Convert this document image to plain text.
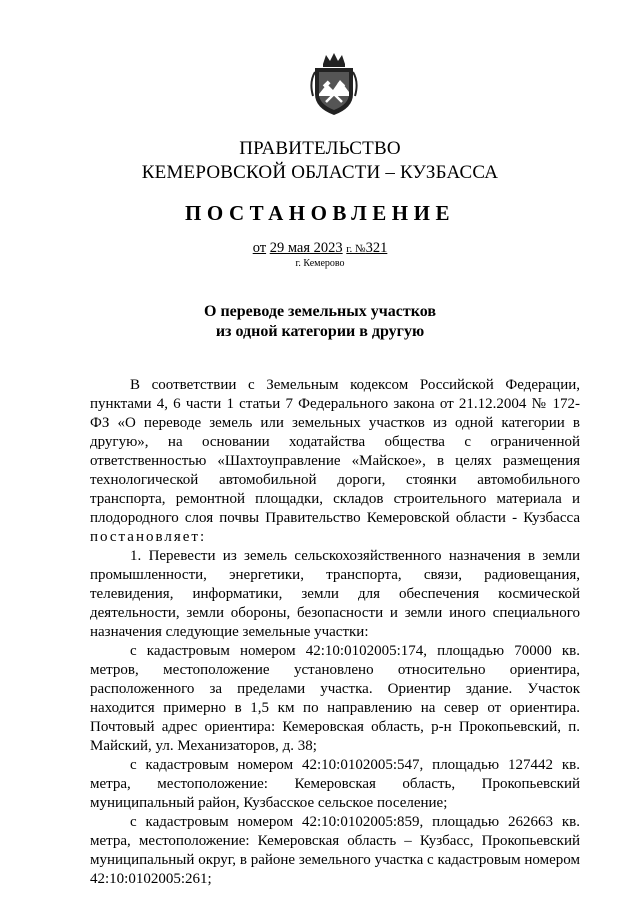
ПРАВИТЕЛЬСТВО
КЕМЕРОВСКОЙ ОБЛАСТИ – КУЗБАССА
ПОСТАНОВЛЕНИЕ
от 29 мая 2023 г. №321
г. Кемерово
О переводе земельных участков
из одной категории в другую

В соответствии с Земельным кодексом Российской Федерации, пунктами 4, 6 части 1 статьи 7 Федерального закона от 21.12.2004 № 172-ФЗ «О переводе земель или земельных участков из одной категории в другую», на основании ходатайства общества с ограниченной ответственностью «Шахтоуправление «Майское», в целях размещения технологической автомобильной дороги, стоянки автомобильного транспорта, ремонтной площадки, складов строительного материала и плодородного слоя почвы Правительство Кемеровской области - Кузбасса постановляет:

1. Перевести из земель сельскохозяйственного назначения в земли промышленности, энергетики, транспорта, связи, радиовещания, телевидения, информатики, земли для обеспечения космической деятельности, земли обороны, безопасности и земли иного специального назначения следующие земельные участки:

с кадастровым номером 42:10:0102005:174, площадью 70000 кв. метров, местоположение установлено относительно ориентира, расположенного за пределами участка. Ориентир здание. Участок находится примерно в 1,5 км по направлению на север от ориентира. Почтовый адрес ориентира: Кемеровская область, р-н Прокопьевский, п. Майский, ул. Механизаторов, д. 38;

с кадастровым номером 42:10:0102005:547, площадью 127442 кв. метра, местоположение: Кемеровская область, Прокопьевский муниципальный район, Кузбасское сельское поселение;

с кадастровым номером 42:10:0102005:859, площадью 262663 кв. метра, местоположение: Кемеровская область – Кузбасс, Прокопьевский муниципальный округ, в районе земельного участка с кадастровым номером 42:10:0102005:261;
